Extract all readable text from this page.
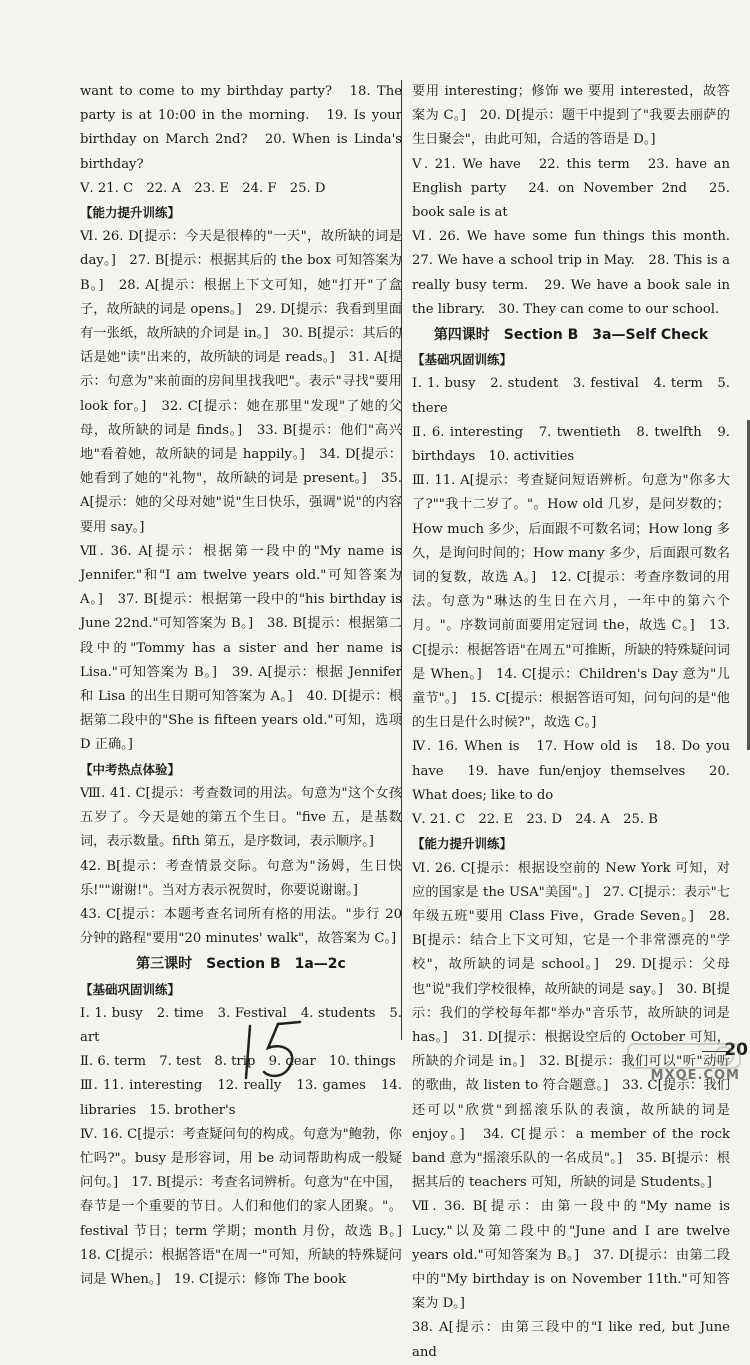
want to come to my birthday party?　18. The party is at 10:00 in the morning.　19. Is your birthday on March 2nd?　20. When is Linda's birthday?

Ⅴ. 21. C　22. A　23. E　24. F　25. D

【能力提升训练】

Ⅵ. 26. D[提示：今天是很棒的"一天"，故所缺的词是 day。]　27. B[提示：根据其后的 the box 可知答案为 B。]　28. A[提示：根据上下文可知，她"打开"了盒子，故所缺的词是 opens。]　29. D[提示：我看到里面有一张纸，故所缺的介词是 in。]　30. B[提示：其后的话是她"读"出来的，故所缺的词是 reads。]　31. A[提示：句意为"来前面的房间里找我吧"。表示"寻找"要用 look for。]　32. C[提示：她在那里"发现"了她的父母，故所缺的词是 finds。]　33. B[提示：他们"高兴地"看着她，故所缺的词是 happily。]　34. D[提示：她看到了她的"礼物"，故所缺的词是 present。]　35. A[提示：她的父母对她"说"生日快乐，强调"说"的内容要用 say。]

Ⅶ. 36. A[提示：根据第一段中的"My name is Jennifer."和"I am twelve years old."可知答案为 A。]　37. B[提示：根据第一段中的"his birthday is June 22nd."可知答案为 B。]　38. B[提示：根据第二段中的"Tommy has a sister and her name is Lisa."可知答案为 B。]　39. A[提示：根据 Jennifer 和 Lisa 的出生日期可知答案为 A。]　40. D[提示：根据第二段中的"She is fifteen years old."可知，选项 D 正确。]

【中考热点体验】

Ⅷ. 41. C[提示：考查数词的用法。句意为"这个女孩五岁了。今天是她的第五个生日。"five 五，是基数词，表示数量。fifth 第五，是序数词，表示顺序。]

42. B[提示：考查情景交际。句意为"汤姆，生日快乐!""谢谢!"。当对方表示祝贺时，你要说谢谢。]

43. C[提示：本题考查名词所有格的用法。"步行 20 分钟的路程"要用"20 minutes' walk"，故答案为 C。]

第三课时　Section B　1a—2c

【基础巩固训练】

Ⅰ. 1. busy　2. time　3. Festival　4. students　5. art

Ⅱ. 6. term　7. test　8. trip　9. dear　10. things

Ⅲ. 11. interesting　12. really　13. games　14. libraries　15. brother's

Ⅳ. 16. C[提示：考查疑问句的构成。句意为"鲍勃，你忙吗?"。busy 是形容词，用 be 动词帮助构成一般疑问句。]　17. B[提示：考查名词辨析。句意为"在中国，春节是一个重要的节日。人们和他们的家人团聚。"。festival 节日；term 学期；month 月份，故选 B。]　18. C[提示：根据答语"在周一"可知，所缺的特殊疑问词是 When。]　19. C[提示：修饰 The book

要用 interesting；修饰 we 要用 interested，故答案为 C。]　20. D[提示：题干中提到了"我要去丽萨的生日聚会"，由此可知，合适的答语是 D。]

Ⅴ. 21. We have　22. this term　23. have an English party　24. on November 2nd　25. book sale is at

Ⅵ. 26. We have some fun things this month.　27. We have a school trip in May.　28. This is a really busy term.　29. We have a book sale in the library.　30. They can come to our school.

第四课时　Section B　3a—Self Check

【基础巩固训练】

Ⅰ. 1. busy　2. student　3. festival　4. term　5. there

Ⅱ. 6. interesting　7. twentieth　8. twelfth　9. birthdays　10. activities

Ⅲ. 11. A[提示：考查疑问短语辨析。句意为"你多大了?""我十二岁了。"。How old 几岁，是问岁数的；How much 多少，后面跟不可数名词；How long 多久，是询问时间的；How many 多少，后面跟可数名词的复数，故选 A。]　12. C[提示：考查序数词的用法。句意为"琳达的生日在六月，一年中的第六个月。"。序数词前面要用定冠词 the，故选 C。]　13. C[提示：根据答语"在周五"可推断，所缺的特殊疑问词是 When。]　14. C[提示：Children's Day 意为"儿童节"。]　15. C[提示：根据答语可知，问句问的是"他的生日是什么时候?"，故选 C。]

Ⅳ. 16. When is　17. How old is　18. Do you have　19. have fun/enjoy themselves　20. What does; like to do

Ⅴ. 21. C　22. E　23. D　24. A　25. B

【能力提升训练】

Ⅵ. 26. C[提示：根据设空前的 New York 可知，对应的国家是 the USA"美国"。]　27. C[提示：表示"七年级五班"要用 Class Five，Grade Seven。]　28. B[提示：结合上下文可知，它是一个非常漂亮的"学校"，故所缺的词是 school。]　29. D[提示：父母也"说"我们学校很棒，故所缺的词是 say。]　30. B[提示：我们的学校每年都"举办"音乐节，故所缺的词是 has。]　31. D[提示：根据设空后的 October 可知，所缺的介词是 in。]　32. B[提示：我们可以"听"动听的歌曲，故 listen to 符合题意。]　33. C[提示：我们还可以"欣赏"到摇滚乐队的表演，故所缺的词是 enjoy。]　34. C[提示：a member of the rock band 意为"摇滚乐队的一名成员"。]　35. B[提示：根据其后的 teachers 可知，所缺的词是 Students。]

Ⅶ. 36. B[提示：由第一段中的"My name is Lucy."以及第二段中的"June and I are twelve years old."可知答案为 B。]　37. D[提示：由第二段中的"My birthday is on November 11th."可知答案为 D。]

38. A[提示：由第三段中的"I like red, but June and

20
MXQE.COM
